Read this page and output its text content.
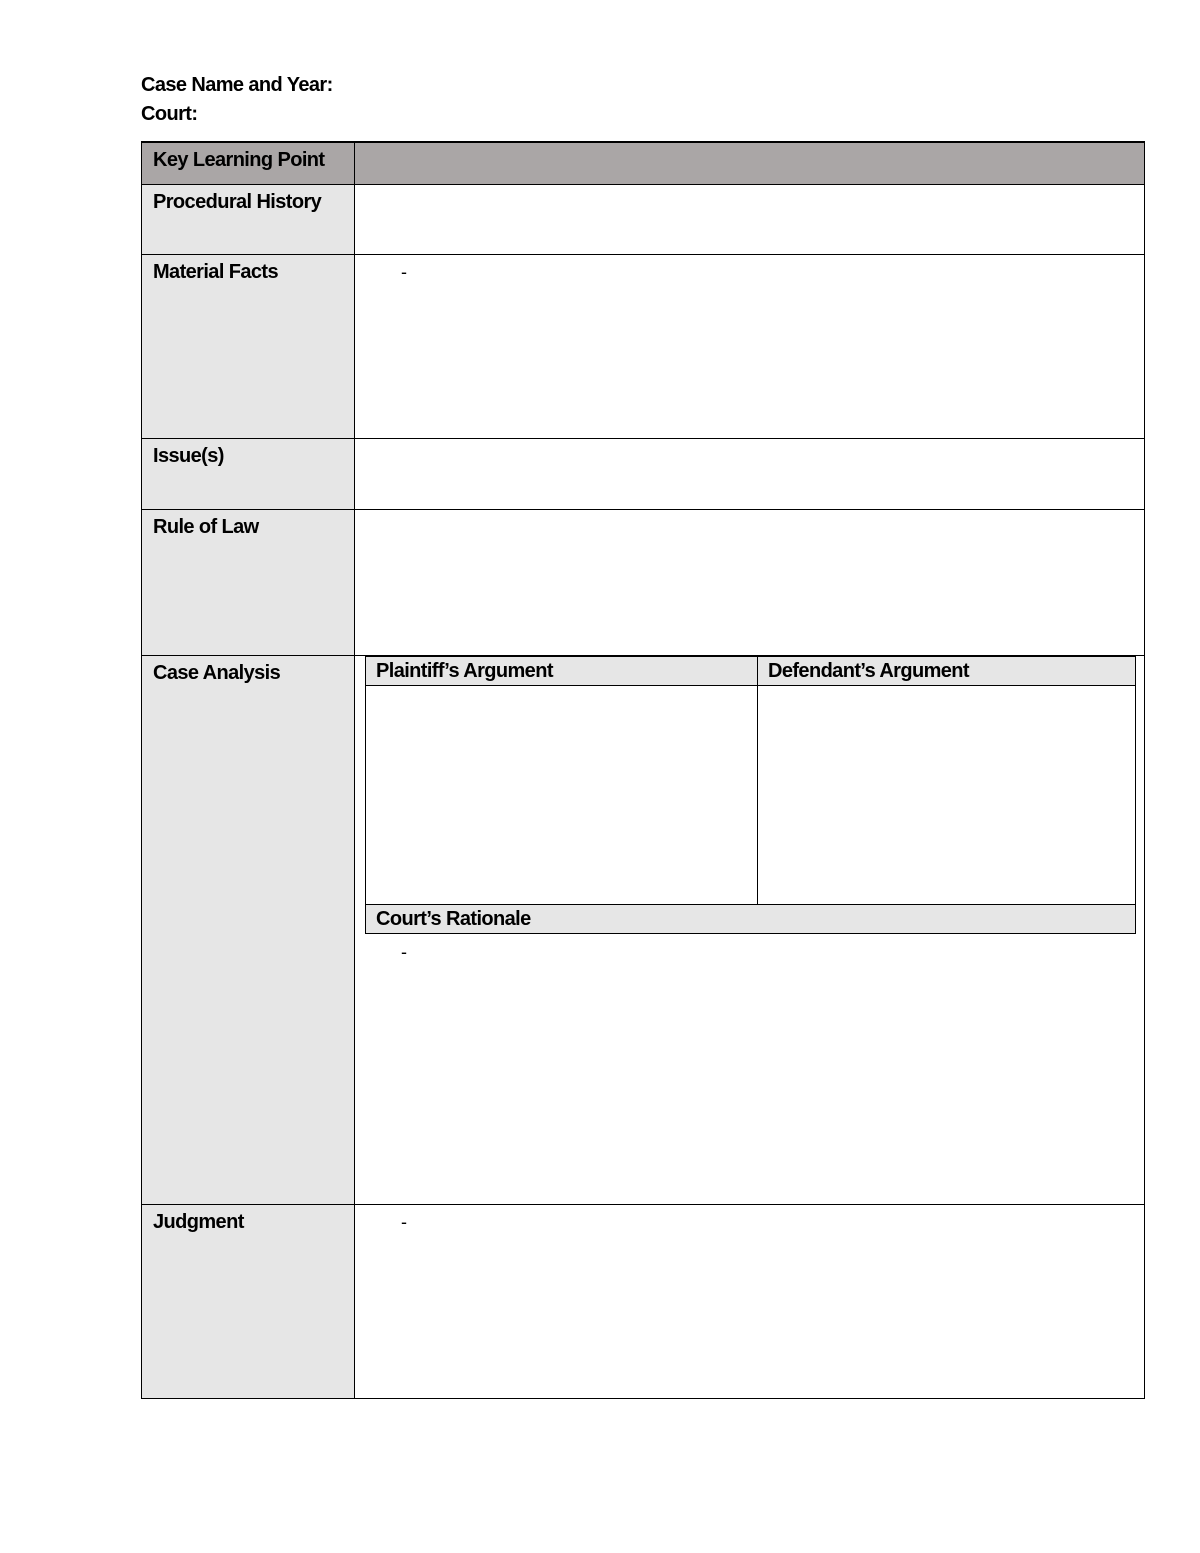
Case Name and Year:
Court:
Key Learning Point

Procedural History

Material Facts	-

Issue(s)

Rule of Law

Case Analysis
		Plaintiff’s Argument	Defendant’s Argument

Court’s Rationale
-

Judgment	-
